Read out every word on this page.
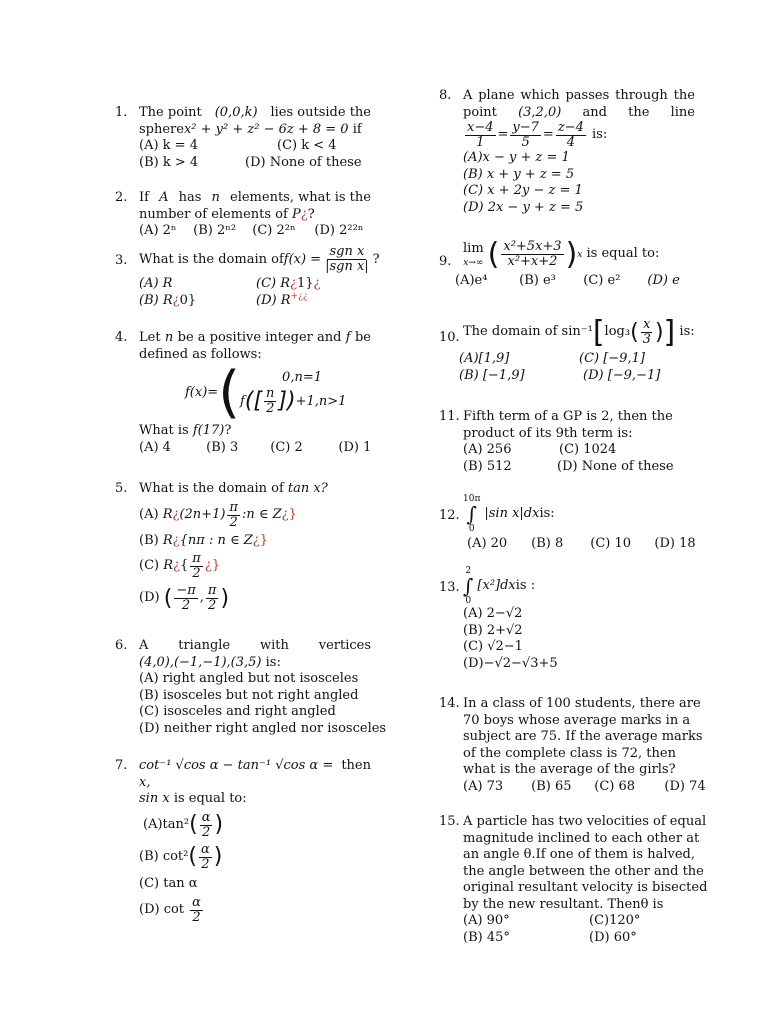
1. The point (0,0,k) lies outside the
spherex² + y² + z² − 6z + 8 = 0 if
(A) k = 4	(C) k < 4
(B) k > 4	(D) None of these
2. If A has n elements, what is the
number of elements of P¿?
(A) 2ⁿ (B) 2ⁿ² (C) 2²ⁿ (D) 2²²ⁿ
3. What is the domain $off(x) = \frac{\text{sgn x}}{\text{|sgn x|}}$ ?
(A) R	(C) R¿1}¿
(B) R¿0}	(D) R+¿¿
4. Let n be a positive integer and f be
defined as follows:
f(x)= (	0,n=1
$f([ \frac{n}{2} ])+1,n>1$
What is f(17)?
(A) 4	(B) 3 (C) 2	(D) 1
5. What is the domain of tan x?
(A)
R ¿ $(2n+1) \frac{\pi}{2}$ :n ∈ Z ¿}
(B) R¿{nπ : n ∈ Z¿}
(C)
R ¿ { $\frac{\pi}{2}$ ¿}
(D)
( $\frac{-\pi}{2}$ , $\frac{\pi}{2}$ )
6. A triangle with vertices
(4,0),(−1,−1),(3,5) is:
(A) right angled but not isosceles
(B) isosceles but not right angled
(C) isosceles and right angled
(D) neither right angled nor isosceles
7. cot⁻¹ √cos α − tan⁻¹ √cos α = x,
then
sin x is equal to:
(A)tan² ( $\frac{\alpha}{2}$ )
(B) cot² ( $\frac{\alpha}{2}$ )
(C) tan α
(D) cot
$\frac{\alpha}{2}$
8. A plane which passes through the
point (3,2,0) and the line
$\frac{x-4}{1} = \frac{y-7}{5} = \frac{z-4}{4}$
is:
(A)x − y + z = 1
(B) x + y + z = 5
(C) x + 2y − z = 1
(D) 2x − y + z = 5
9.
lim
x→∞ ( $\frac{\text{x²+5x+3}}{\text{x²+x+2}}$ ) x
is equal to:
(A)e⁴ (B) e³ (C) e² (D) e
10. The domain of
sin⁻¹ [ log₃ ( $\frac{x}{3}$ ) ]
is:
(A)[1,9]	(C) [−9,1]
(B) [−1,9]	(D) [−9,−1]
11. Fifth term of a GP is 2, then the
product of its 9th term is:
(A) 256	(C) 1024
(B) 512	(D) None of these
12.
10π
∫
0
|sin x|dx is:
(A) 20 (B) 8 (C) 10 (D) 18
13.
2
∫
0
[x²]dx is :
(A) 2−√2
(B) 2+√2
(C) √2−1
(D)−√2−√3+5
14. In a class of 100 students, there are
70 boys whose average marks in a
subject are 75. If the average marks
of the complete class is 72, then
what is the average of the girls?
(A) 73 (B) 65 (C) 68 (D) 74
15. A particle has two velocities of equal
magnitude inclined to each other at
an angle θ.If one of them is halved,
the angle between the other and the
original resultant velocity is bisected
by the new resultant. Thenθ is
(A) 90°	(C)120°
(B) 45°	(D) 60°
